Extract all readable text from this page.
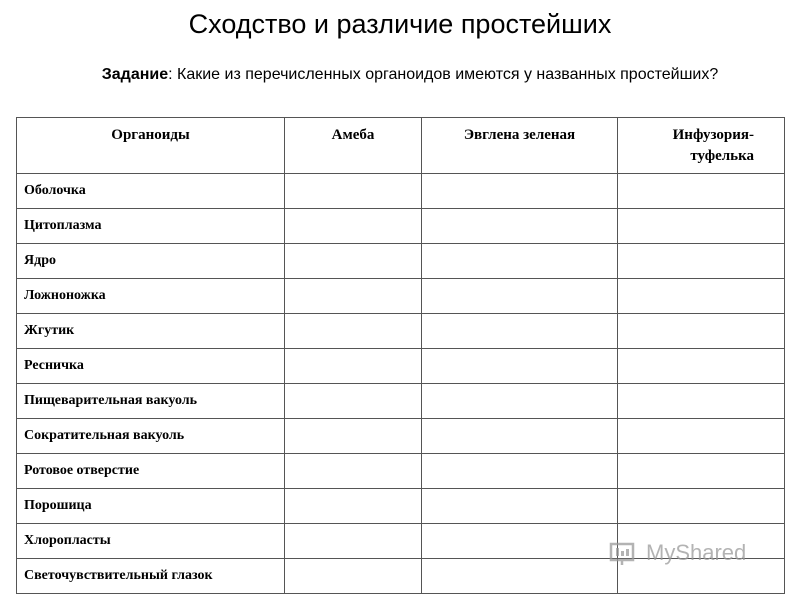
Сходство и различие простейших
Задание: Какие из перечисленных органоидов имеются у названных простейших?
Органоиды	Амеба	Эвглена зеленая	Инфузория-туфелька
Оболочка			
Цитоплазма			
Ядро			
Ложноножка			
Жгутик			
Ресничка			
Пищеварительная вакуоль			
Сократительная вакуоль			
Ротовое отверстие			
Порошица			
Хлоропласты			
Светочувствительный глазок			
MyShared
